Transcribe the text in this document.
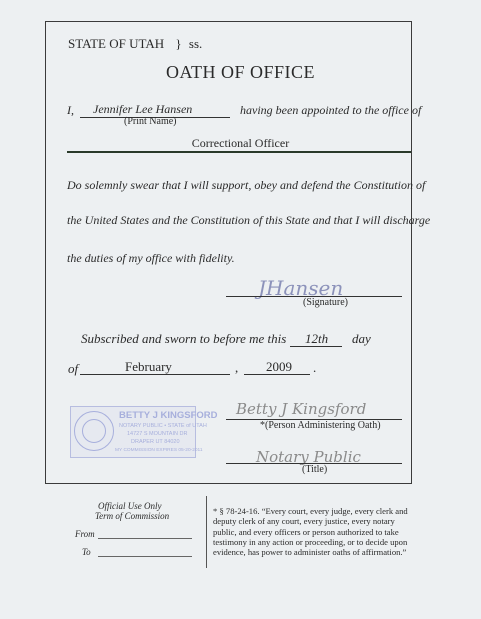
STATE OF UTAH } ss.
OATH OF OFFICE
I, Jennifer Lee Hansen
(Print Name)
having been appointed to the office of
Correctional Officer
Do solemnly swear that I will support, obey and defend the Constitution of
the United States and the Constitution of this State and that I will discharge
the duties of my office with fidelity.
JHansen
(Signature)
Subscribed and sworn to before me this 12th day
of	February	, 2009 .
BETTY J KINGSFORD
NOTARY PUBLIC • STATE of UTAH
14727 S MOUNTAIN DR
DRAPER UT 84020
MY COMMISSION EXPIRES 05-20-2011
Betty J Kingsford
*(Person Administering Oath)
Notary Public
(Title)
Official Use Only
Term of Commission
From
To
* § 78-24-16. “Every court, every judge, every clerk and deputy clerk of any court, every justice, every notary public, and every officers or person authorized to take testimony in any action or proceeding, or to decide upon evidence, has power to administer oaths of affirmation.”
